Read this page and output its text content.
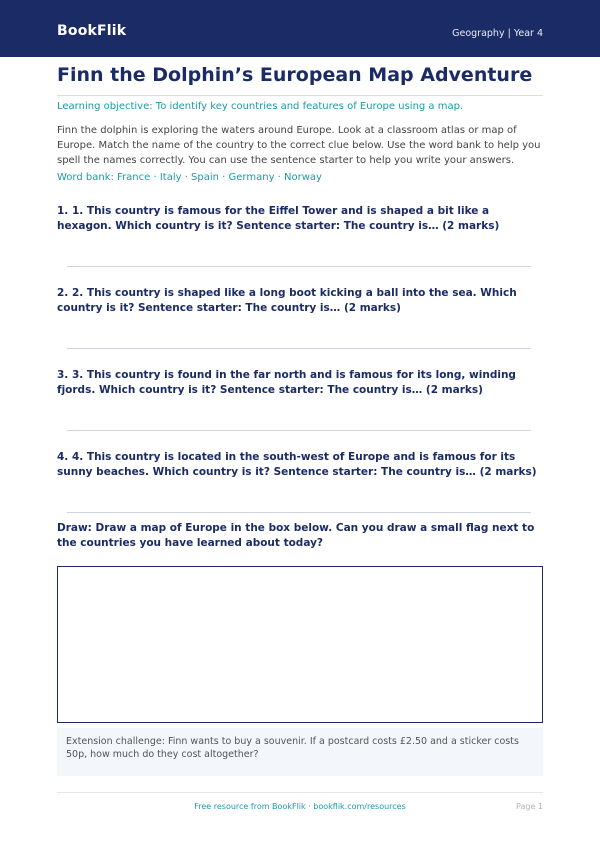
BookFlik	Geography | Year 4
Finn the Dolphin’s European Map Adventure
Learning objective: To identify key countries and features of Europe using a map.
Finn the dolphin is exploring the waters around Europe. Look at a classroom atlas or map of Europe. Match the name of the country to the correct clue below. Use the word bank to help you spell the names correctly. You can use the sentence starter to help you write your answers.
Word bank: France · Italy · Spain · Germany · Norway
1. 1. This country is famous for the Eiffel Tower and is shaped a bit like a hexagon. Which country is it? Sentence starter: The country is… (2 marks)
2. 2. This country is shaped like a long boot kicking a ball into the sea. Which country is it? Sentence starter: The country is… (2 marks)
3. 3. This country is found in the far north and is famous for its long, winding fjords. Which country is it? Sentence starter: The country is… (2 marks)
4. 4. This country is located in the south-west of Europe and is famous for its sunny beaches. Which country is it? Sentence starter: The country is… (2 marks)
Draw: Draw a map of Europe in the box below. Can you draw a small flag next to the countries you have learned about today?
Extension challenge: Finn wants to buy a souvenir. If a postcard costs £2.50 and a sticker costs 50p, how much do they cost altogether?
Free resource from BookFlik · bookflik.com/resources	Page 1
